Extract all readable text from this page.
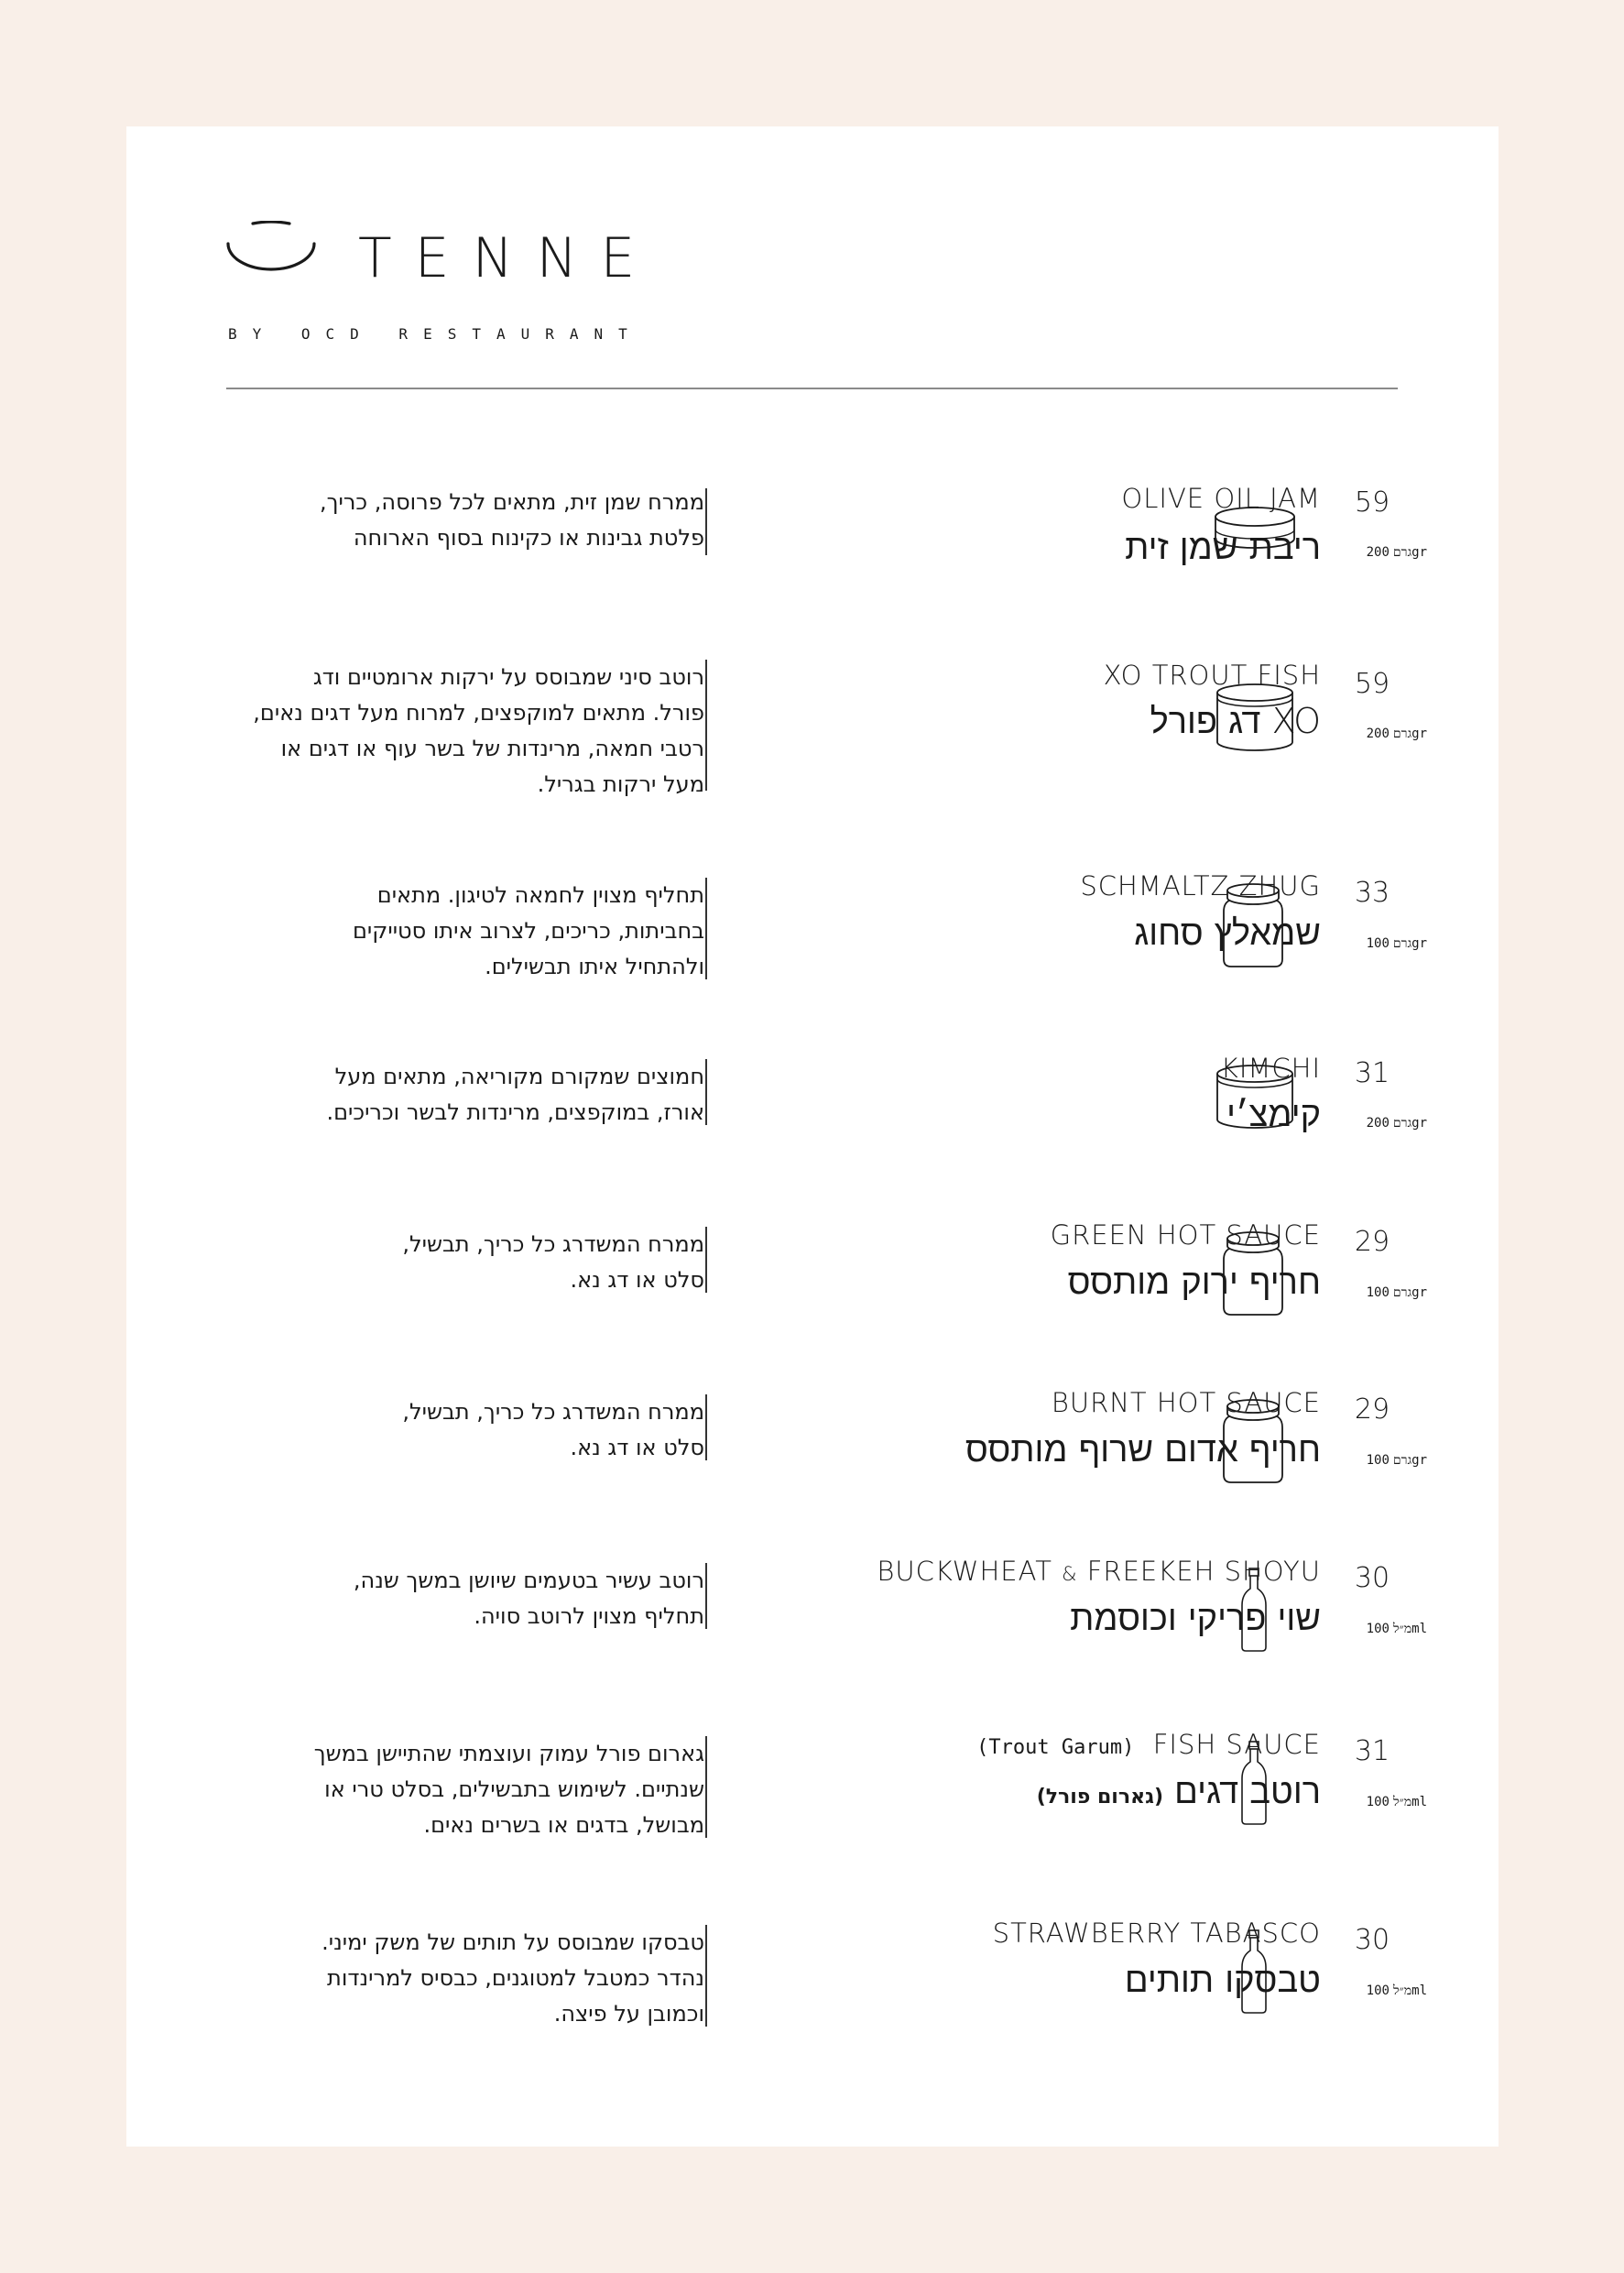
TENNE
BY OCD RESTAURANT
ממרח שמן זית, מתאים לכל פרוסה, כריך,
פלטת גבינות או כקינוח בסוף הארוחה
OLIVE OIL JAM
ריבת שמן זית
59
גרם200gr
רוטב סיני שמבוסס על ירקות ארומטיים ודג
פורל. מתאים למוקפצים, למרוח מעל דגים נאים,
רטבי חמאה, מרינדות של בשר עוף או דגים או
מעל ירקות בגריל.
XO TROUT FISH
XO דג פורל
59
גרם200gr
תחליף מצוין לחמאה לטיגון. מתאים
בחביתות, כריכים, לצרוב איתו סטייקים
ולהתחיל איתו תבשילים.
SCHMALTZ ZHUG
שמאלץ סחוג
33
גרם100gr
חמוצים שמקורם מקוריאה, מתאים מעל
אורז, במוקפצים, מרינדות לבשר וכריכים.
KIMCHI
קימצ׳י
31
גרם200gr
ממרח המשדרג כל כריך, תבשיל,
סלט או דג נא.
GREEN HOT SAUCE
חריף ירוק מותסס
29
גרם100gr
ממרח המשדרג כל כריך, תבשיל,
סלט או דג נא.
BURNT HOT SAUCE
חריף אדום שרוף מותסס
29
גרם100gr
רוטב עשיר בטעמים שיושן במשך שנה,
תחליף מצוין לרוטב סויה.
BUCKWHEAT & FREEKEH SHOYU
שוי פריקי וכוסמת
30
מ״ל100ml
גארום פורל עמוק ועוצמתי שהתיישן במשך
שנתיים. לשימוש בתבשילים, בסלט טרי או
מבושל, בדגים או בשרים נאים.
(Trout Garum) FISH SAUCE
רוטב דגים (גארום פורל)
31
מ״ל100ml
טבסקו שמבוסס על תותים של משק ימיני.
נהדר כמטבל למטוגנים, כבסיס למרינדות
וכמובן על פיצה.
STRAWBERRY TABASCO
טבסקו תותים
30
מ״ל100ml
